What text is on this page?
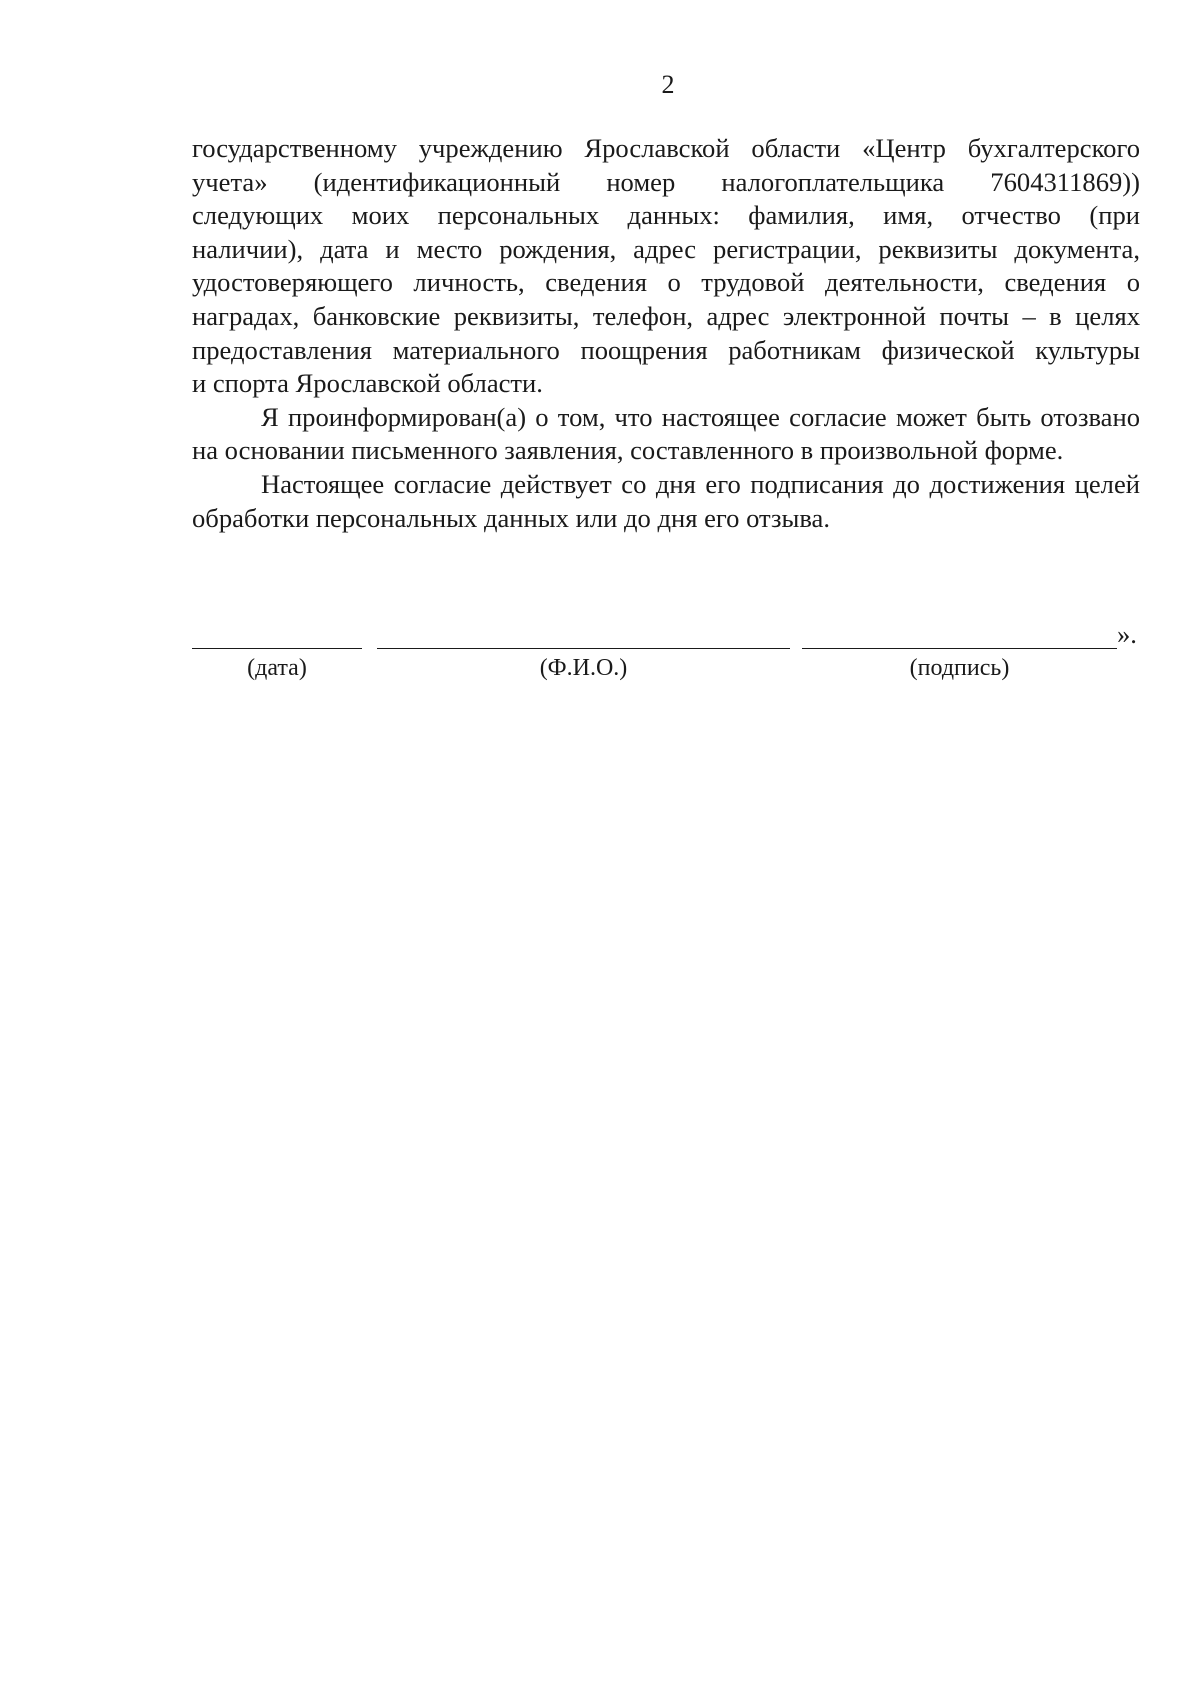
2
государственному учреждению Ярославской области «Центр бухгалтерского
учета» (идентификационный номер налогоплательщика 7604311869))
следующих моих персональных данных: фамилия, имя, отчество (при
наличии), дата и место рождения, адрес регистрации, реквизиты документа,
удостоверяющего личность, сведения о трудовой деятельности, сведения о
наградах, банковские реквизиты, телефон, адрес электронной почты – в целях
предоставления материального поощрения работникам физической культуры
и спорта Ярославской области.

Я проинформирован(а) о том, что настоящее согласие может быть отозвано на основании письменного заявления, составленного в произвольной форме.

Настоящее согласие действует со дня его подписания до достижения целей обработки персональных данных или до дня его отзыва.

».
(дата)	(Ф.И.О.)	(подпись)
